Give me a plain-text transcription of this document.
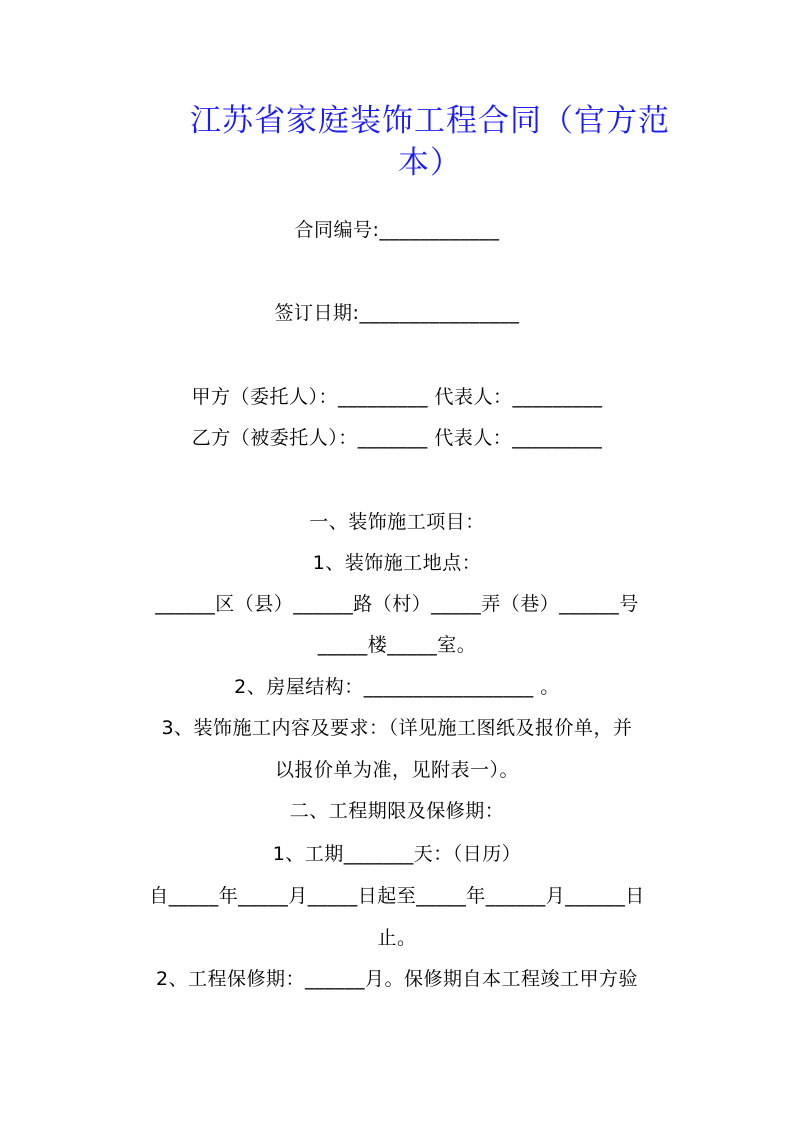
江苏省家庭装饰工程合同（官方范本）
合同编号:____________
签订日期:________________
甲方（委托人）：_________ 代表人：_________
乙方（被委托人）：_______ 代表人：_________
一、装饰施工项目：
1、装饰施工地点：
______区（县）______路（村）_____弄（巷）______号
_____楼_____室。
2、房屋结构：_________________ 。
3、装饰施工内容及要求：（详见施工图纸及报价单，并
以报价单为准，见附表一）。
二、工程期限及保修期：
1、工期_______天：（日历）
自_____年_____月_____日起至_____年______月______日
止。
2、工程保修期：______月。保修期自本工程竣工甲方验
